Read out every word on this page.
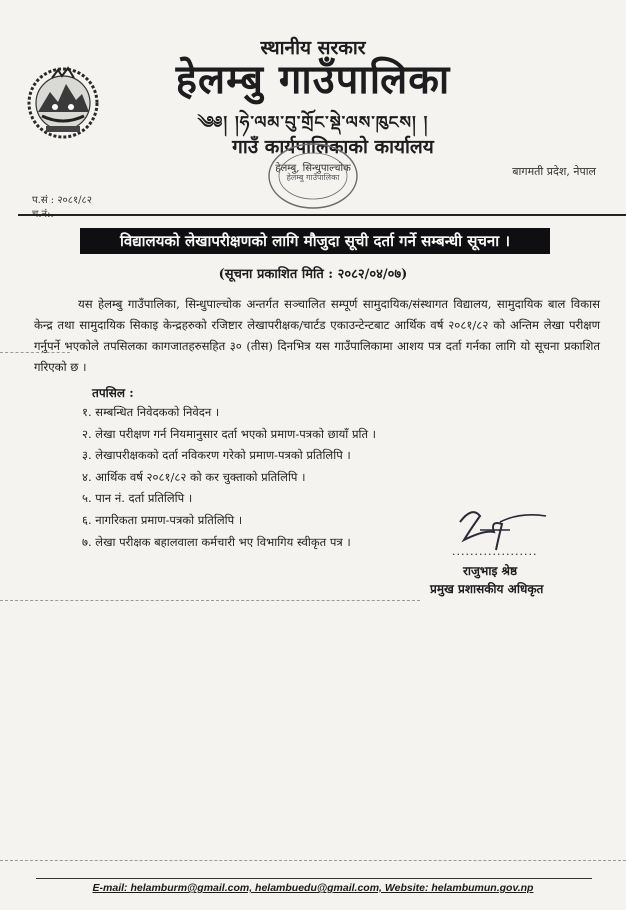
स्थानीय सरकार
हेलम्बु गाउँपालिका
༄༅། །ཧེ་ལམ་བུ་གྲོང་སྡེ་ལས་ཁུངས། །
गाउँ कार्यपालिकाको कार्यालय
हेलम्बु, सिन्धुपाल्चोक
हेलम्बु गाउँपालिका	बागमती प्रदेश, नेपाल
प.सं : २०८१/८२
विद्यालयको लेखापरीक्षणको लागि मौजुदा सूची दर्ता गर्ने सम्बन्धी सूचना ।
(सूचना प्रकाशित मिति : २०८२/०४/०७)

यस हेलम्बु गाउँपालिका, सिन्धुपाल्चोक अन्तर्गत सञ्चालित सम्पूर्ण सामुदायिक/संस्थागत विद्यालय, सामुदायिक बाल विकास केन्द्र तथा सामुदायिक सिकाइ केन्द्रहरुको रजिष्टार लेखापरीक्षक/चार्टड एकाउन्टेन्टबाट आर्थिक वर्ष २०८१/८२ को अन्तिम लेखा परीक्षण गर्नुपर्ने भएकोले तपसिलका कागजातहरुसहित ३० (तीस) दिनभित्र यस गाउँपालिकामा आशय पत्र दर्ता गर्नका लागि यो सूचना प्रकाशित गरिएको छ ।

तपसिल :
१. सम्बन्धित निवेदकको निवेदन ।
२. लेखा परीक्षण गर्न नियमानुसार दर्ता भएको प्रमाण-पत्रको छायाँ प्रति ।
३. लेखापरीक्षकको दर्ता नविकरण गरेको प्रमाण-पत्रको प्रतिलिपि ।
४. आर्थिक वर्ष २०८१/८२ को कर चुक्ताको प्रतिलिपि ।
५. पान नं. दर्ता प्रतिलिपि ।
६. नागरिकता प्रमाण-पत्रको प्रतिलिपि ।
७. लेखा परीक्षक बहालवाला कर्मचारी भए विभागिय स्वीकृत पत्र ।
...................
राजुभाइ श्रेष्ठ
प्रमुख प्रशासकीय अधिकृत
E-mail: helamburm@gmail.com, helambuedu@gmail.com, Website: helambumun.gov.np
